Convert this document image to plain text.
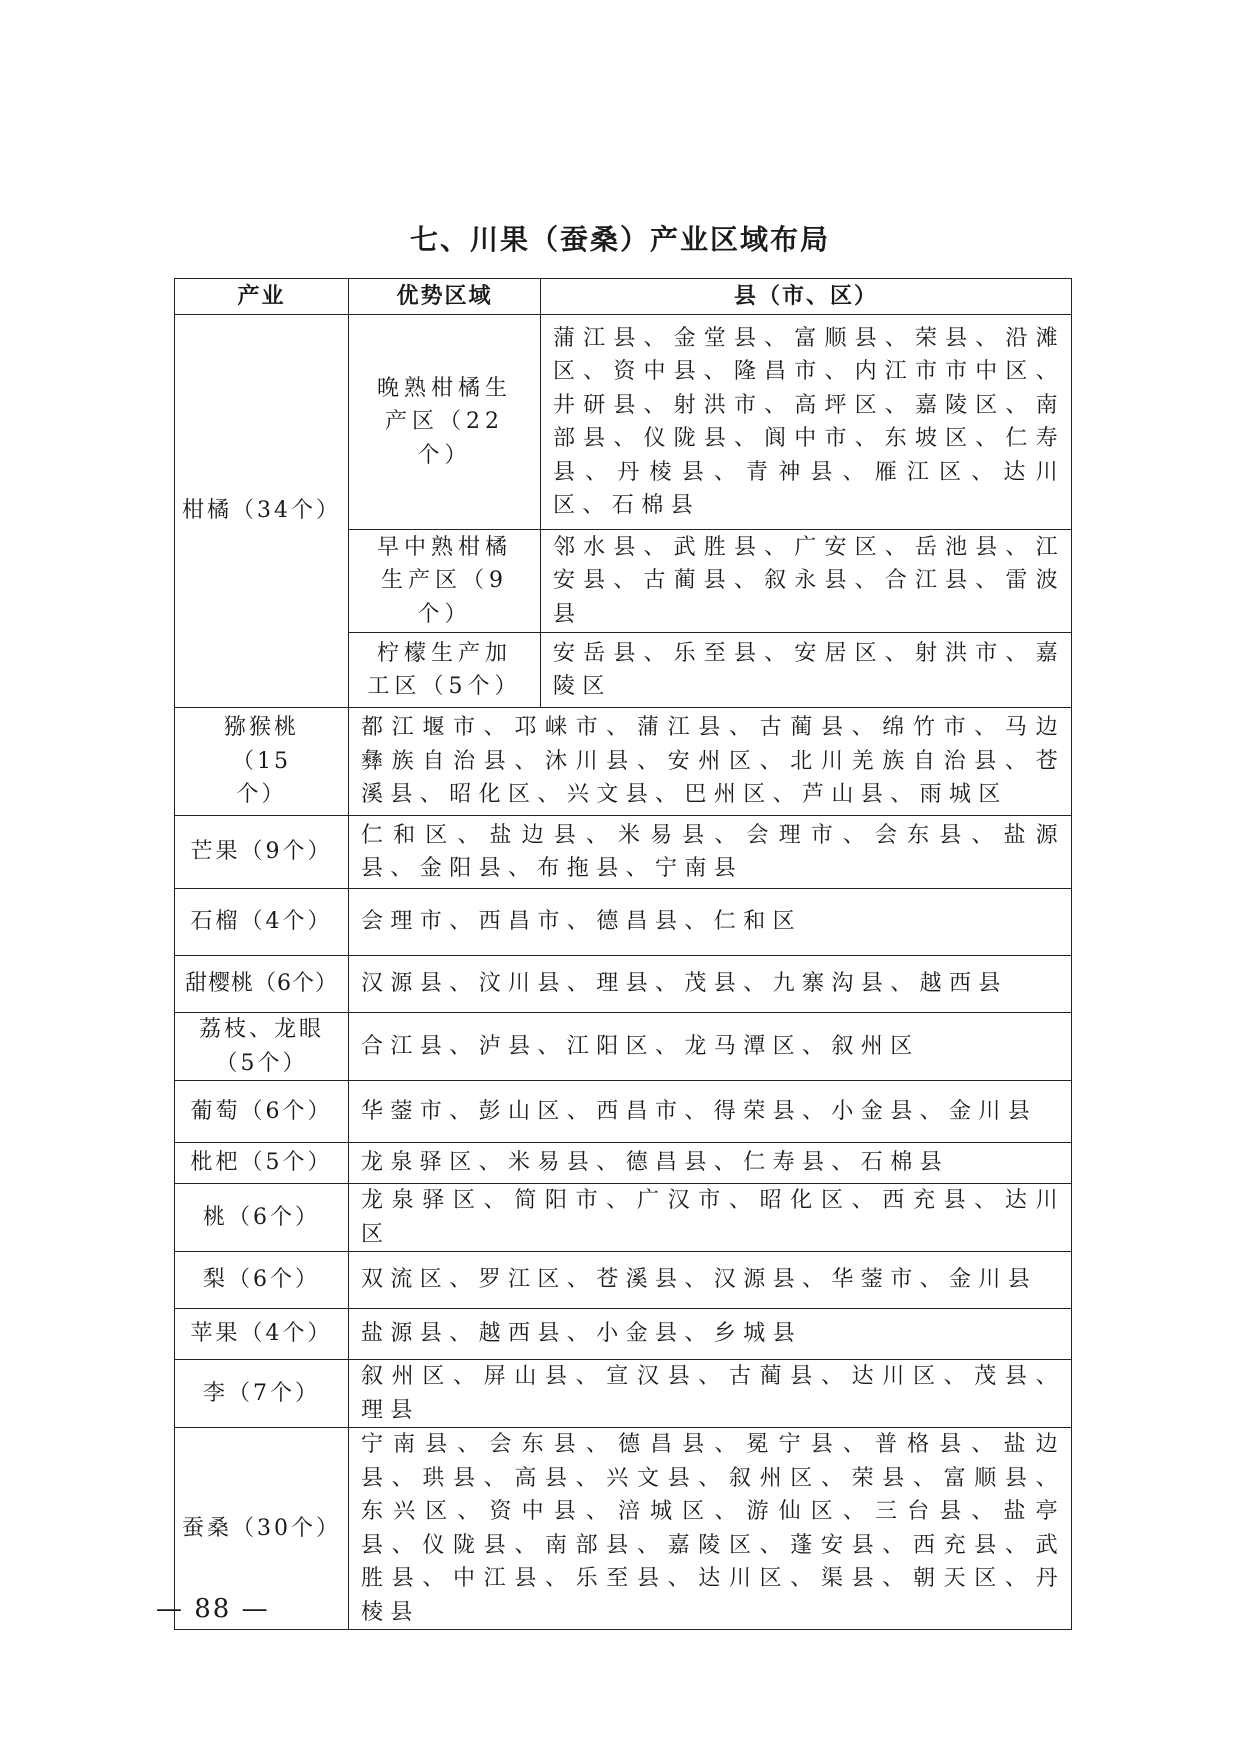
七、川果（蚕桑）产业区域布局
产业	优势区域	县（市、区）
柑橘（34个）	晚熟柑橘生产区（22个）	蒲江县、金堂县、富顺县、荣县、沿滩区、资中县、隆昌市、内江市市中区、井研县、射洪市、高坪区、嘉陵区、南部县、仪陇县、阆中市、东坡区、仁寿县、丹棱县、青神县、雁江区、达川区、石棉县
	早中熟柑橘生产区（9个）	邻水县、武胜县、广安区、岳池县、江安县、古蔺县、叙永县、合江县、雷波县
	柠檬生产加工区（5个）	安岳县、乐至县、安居区、射洪市、嘉陵区
猕猴桃（15个）	都江堰市、邛崃市、蒲江县、古蔺县、绵竹市、马边彝族自治县、沐川县、安州区、北川羌族自治县、苍溪县、昭化区、兴文县、巴州区、芦山县、雨城区	
芒果（9个）	仁和区、盐边县、米易县、会理市、会东县、盐源县、金阳县、布拖县、宁南县	
石榴（4个）	会理市、西昌市、德昌县、仁和区	
甜樱桃（6个）	汉源县、汶川县、理县、茂县、九寨沟县、越西县	
荔枝、龙眼（5个）	合江县、泸县、江阳区、龙马潭区、叙州区	
葡萄（6个）	华蓥市、彭山区、西昌市、得荣县、小金县、金川县	
枇杷（5个）	龙泉驿区、米易县、德昌县、仁寿县、石棉县	
桃（6个）	龙泉驿区、简阳市、广汉市、昭化区、西充县、达川区	
梨（6个）	双流区、罗江区、苍溪县、汉源县、华蓥市、金川县	
苹果（4个）	盐源县、越西县、小金县、乡城县	
李（7个）	叙州区、屏山县、宣汉县、古蔺县、达川区、茂县、理县	
蚕桑（30个）	宁南县、会东县、德昌县、冕宁县、普格县、盐边县、珙县、高县、兴文县、叙州区、荣县、富顺县、东兴区、资中县、涪城区、游仙区、三台县、盐亭县、仪陇县、南部县、嘉陵区、蓬安县、西充县、武胜县、中江县、乐至县、达川区、渠县、朝天区、丹棱县	
— 88 —
